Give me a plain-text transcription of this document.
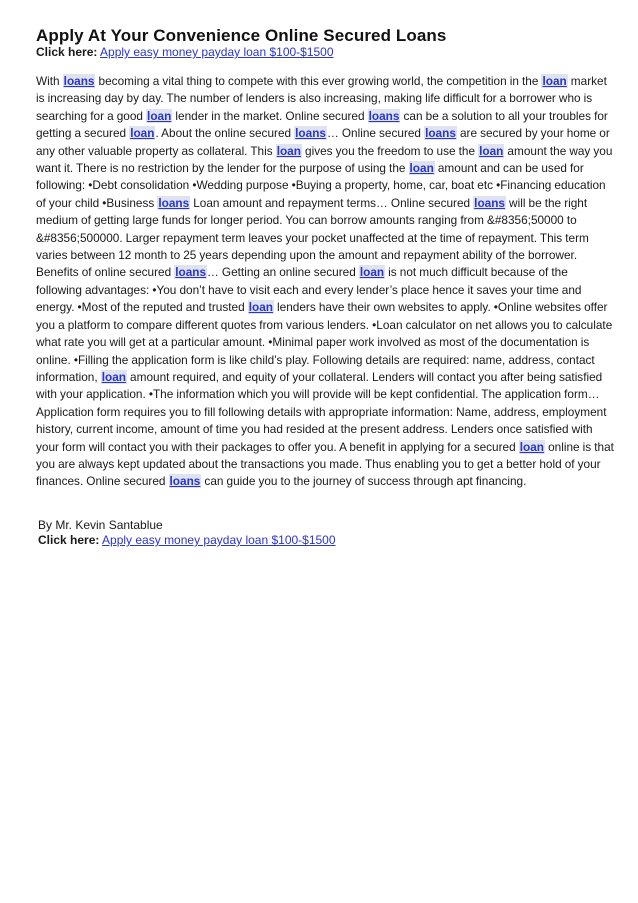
Apply At Your Convenience Online Secured Loans
Click here: Apply easy money payday loan $100-$1500

With loans becoming a vital thing to compete with this ever growing world, the competition in the loan market is increasing day by day. The number of lenders is also increasing, making life difficult for a borrower who is searching for a good loan lender in the market. Online secured loans can be a solution to all your troubles for getting a secured loan. About the online secured loans… Online secured loans are secured by your home or any other valuable property as collateral. This loan gives you the freedom to use the loan amount the way you want it. There is no restriction by the lender for the purpose of using the loan amount and can be used for following: •Debt consolidation •Wedding purpose •Buying a property, home, car, boat etc •Financing education of your child •Business loans Loan amount and repayment terms… Online secured loans will be the right medium of getting large funds for longer period. You can borrow amounts ranging from &#8356;50000 to &#8356;500000. Larger repayment term leaves your pocket unaffected at the time of repayment. This term varies between 12 month to 25 years depending upon the amount and repayment ability of the borrower. Benefits of online secured loans… Getting an online secured loan is not much difficult because of the following advantages: •You don’t have to visit each and every lender’s place hence it saves your time and energy. •Most of the reputed and trusted loan lenders have their own websites to apply. •Online websites offer you a platform to compare different quotes from various lenders. •Loan calculator on net allows you to calculate what rate you will get at a particular amount. •Minimal paper work involved as most of the documentation is online. •Filling the application form is like child’s play. Following details are required: name, address, contact information, loan amount required, and equity of your collateral. Lenders will contact you after being satisfied with your application. •The information which you will provide will be kept confidential. The application form… Application form requires you to fill following details with appropriate information: Name, address, employment history, current income, amount of time you had resided at the present address. Lenders once satisfied with your form will contact you with their packages to offer you. A benefit in applying for a secured loan online is that you are always kept updated about the transactions you made. Thus enabling you to get a better hold of your finances. Online secured loans can guide you to the journey of success through apt financing.

By Mr. Kevin Santablue
Click here: Apply easy money payday loan $100-$1500
